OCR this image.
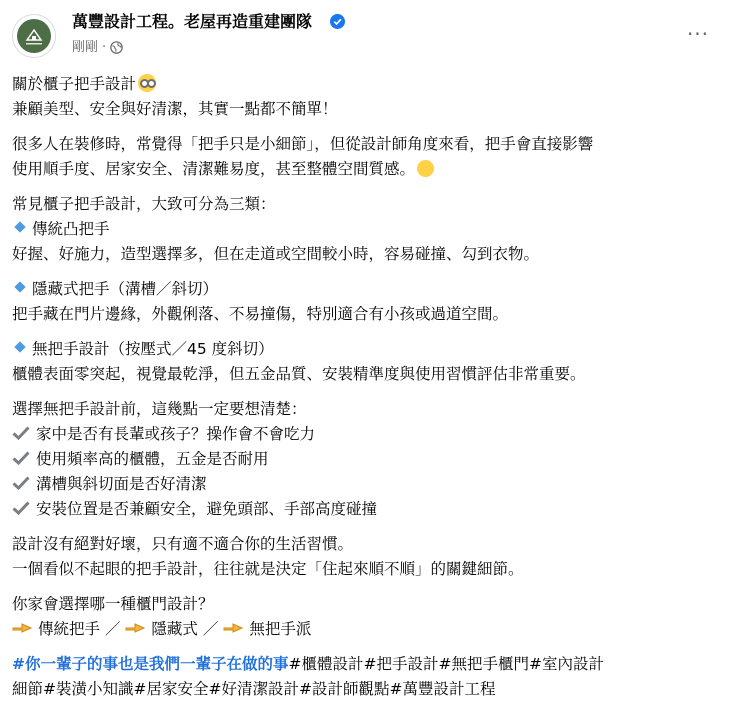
萬豐設計工程。老屋再造重建團隊
剛剛 ·
···
關於櫃子把手設計
兼顧美型、安全與好清潔，其實一點都不簡單！
很多人在裝修時，常覺得「把手只是小細節」，但從設計師角度來看，把手會直接影響
使用順手度、居家安全、清潔難易度，甚至整體空間質感。
常見櫃子把手設計，大致可分為三類：
傳統凸把手
好握、好施力，造型選擇多，但在走道或空間較小時，容易碰撞、勾到衣物。
隱藏式把手（溝槽／斜切）
把手藏在門片邊緣，外觀俐落、不易撞傷，特別適合有小孩或過道空間。
無把手設計（按壓式／45 度斜切）
櫃體表面零突起，視覺最乾淨，但五金品質、安裝精準度與使用習慣評估非常重要。
選擇無把手設計前，這幾點一定要想清楚：
家中是否有長輩或孩子？操作會不會吃力
使用頻率高的櫃體，五金是否耐用
溝槽與斜切面是否好清潔
安裝位置是否兼顧安全，避免頭部、手部高度碰撞
設計沒有絕對好壞，只有適不適合你的生活習慣。
一個看似不起眼的把手設計，往往就是決定「住起來順不順」的關鍵細節。
你家會選擇哪一種櫃門設計？
傳統把手 ／ 隱藏式 ／ 無把手派
#你一輩子的事也是我們一輩子在做的事#櫃體設計#把手設計#無把手櫃門#室內設計
細節#裝潢小知識#居家安全#好清潔設計#設計師觀點#萬豐設計工程
